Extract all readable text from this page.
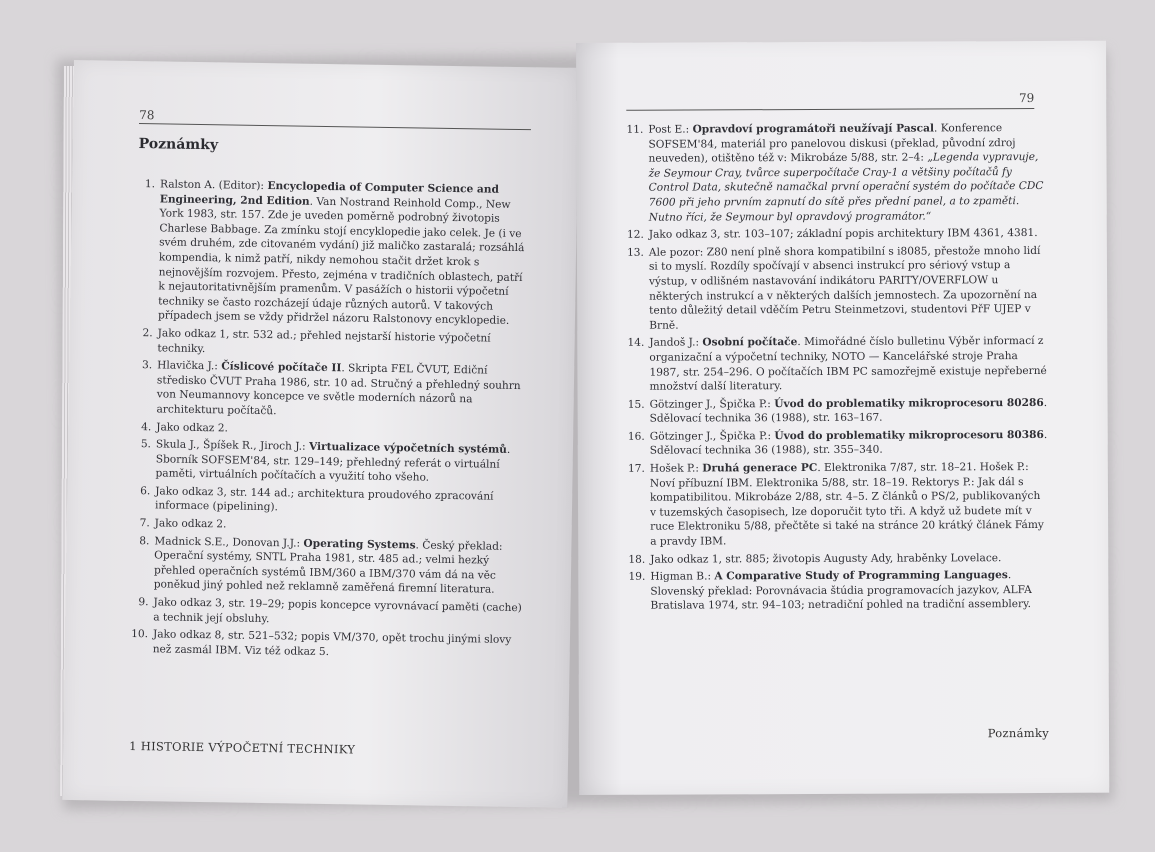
78
Poznámky
1. Ralston A. (Editor): Encyclopedia of Computer Science and Engineering, 2nd Edition. Van Nostrand Reinhold Comp., New York 1983, str. 157. Zde je uveden poměrně podrobný životopis Charlese Babbage. Za zmínku stojí encyklopedie jako celek. Je (i ve svém druhém, zde citovaném vydání) již maličko zastaralá; rozsáhlá kompendia, k nimž patří, nikdy nemohou stačit držet krok s nejnovějším rozvojem. Přesto, zejména v tradičních oblastech, patří k nejautoritativnějším pramenům. V pasážích o historii výpočetní techniky se často rozcházejí údaje různých autorů. V takových případech jsem se vždy přidržel názoru Ralstonovy encyklopedie.
2. Jako odkaz 1, str. 532 ad.; přehled nejstarší historie výpočetní techniky.
3. Hlavička J.: Číslicové počítače II. Skripta FEL ČVUT, Ediční středisko ČVUT Praha 1986, str. 10 ad. Stručný a přehledný souhrn von Neumannovy koncepce ve světle moderních názorů na architekturu počítačů.
4. Jako odkaz 2.
5. Skula J., Špíšek R., Jiroch J.: Virtualizace výpočetních systémů. Sborník SOFSEM'84, str. 129–149; přehledný referát o virtuální paměti, virtuálních počítačích a využití toho všeho.
6. Jako odkaz 3, str. 144 ad.; architektura proudového zpracování informace (pipelining).
7. Jako odkaz 2.
8. Madnick S.E., Donovan J.J.: Operating Systems. Český překlad: Operační systémy, SNTL Praha 1981, str. 485 ad.; velmi hezký přehled operačních systémů IBM/360 a IBM/370 vám dá na věc poněkud jiný pohled než reklamně zaměřená firemní literatura.
9. Jako odkaz 3, str. 19–29; popis koncepce vyrovnávací paměti (cache) a technik její obsluhy.
10. Jako odkaz 8, str. 521–532; popis VM/370, opět trochu jinými slovy než zasmál IBM. Viz též odkaz 5.
1 HISTORIE VÝPOČETNÍ TECHNIKY
79
11. Post E.: Opravdoví programátoři neužívají Pascal. Konference SOFSEM'84, materiál pro panelovou diskusi (překlad, původní zdroj neuveden), otištěno též v: Mikrobáze 5/88, str. 2–4: „Legenda vypravuje, že Seymour Cray, tvůrce superpočítače Cray-1 a většiny počítačů fy Control Data, skutečně namačkal první operační systém do počítače CDC 7600 při jeho prvním zapnutí do sítě přes přední panel, a to zpaměti. Nutno říci, že Seymour byl opravdový programátor.“
12. Jako odkaz 3, str. 103–107; základní popis architektury IBM 4361, 4381.
13. Ale pozor: Z80 není plně shora kompatibilní s i8085, přestože mnoho lidí si to myslí. Rozdíly spočívají v absenci instrukcí pro sériový vstup a výstup, v odlišném nastavování indikátoru PARITY/OVERFLOW u některých instrukcí a v některých dalších jemnostech. Za upozornění na tento důležitý detail vděčím Petru Steinmetzovi, studentovi PřF UJEP v Brně.
14. Jandoš J.: Osobní počítače. Mimořádné číslo bulletinu Výběr informací z organizační a výpočetní techniky, NOTO — Kancelářské stroje Praha 1987, str. 254–296. O počítačích IBM PC samozřejmě existuje nepřeberné množství další literatury.
15. Götzinger J., Špička P.: Úvod do problematiky mikroprocesoru 80286. Sdělovací technika 36 (1988), str. 163–167.
16. Götzinger J., Špička P.: Úvod do problematiky mikroprocesoru 80386. Sdělovací technika 36 (1988), str. 355–340.
17. Hošek P.: Druhá generace PC. Elektronika 7/87, str. 18–21. Hošek P.: Noví příbuzní IBM. Elektronika 5/88, str. 18–19. Rektorys P.: Jak dál s kompatibilitou. Mikrobáze 2/88, str. 4–5. Z článků o PS/2, publikovaných v tuzemských časopisech, lze doporučit tyto tři. A když už budete mít v ruce Elektroniku 5/88, přečtěte si také na stránce 20 krátký článek Fámy a pravdy IBM.
18. Jako odkaz 1, str. 885; životopis Augusty Ady, hraběnky Lovelace.
19. Higman B.: A Comparative Study of Programming Languages. Slovenský překlad: Porovnávacia štúdia programovacích jazykov, ALFA Bratislava 1974, str. 94–103; netradiční pohled na tradiční assemblery.
Poznámky
